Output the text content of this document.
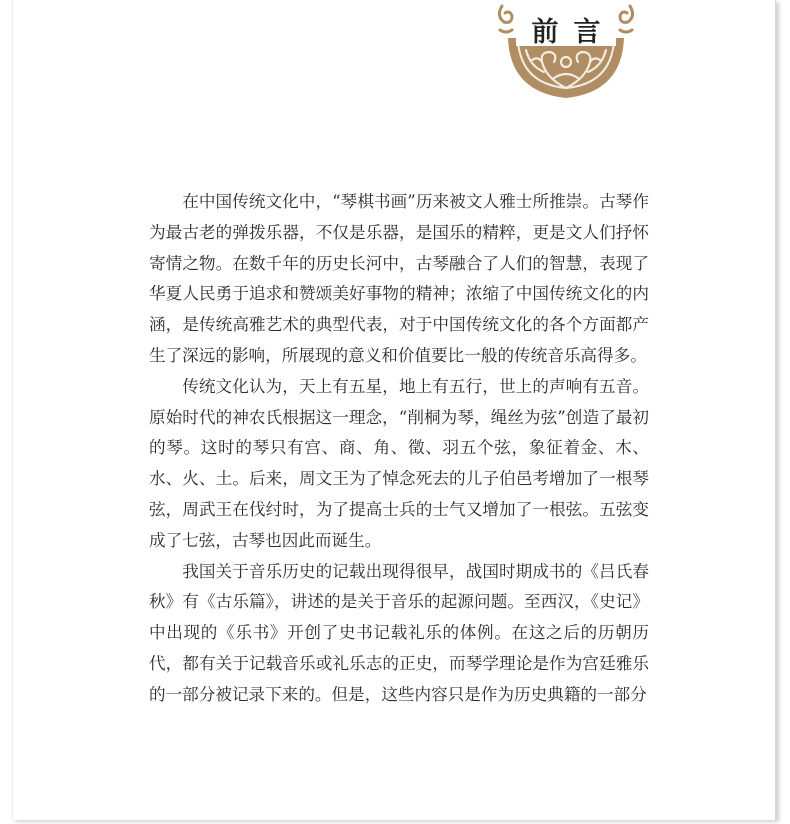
前言

在中国传统文化中，“琴棋书画”历来被文人雅士所推崇。古琴作为最古老的弹拨乐器，不仅是乐器，是国乐的精粹，更是文人们抒怀寄情之物。在数千年的历史长河中，古琴融合了人们的智慧，表现了华夏人民勇于追求和赞颂美好事物的精神；浓缩了中国传统文化的内涵，是传统高雅艺术的典型代表，对于中国传统文化的各个方面都产生了深远的影响，所展现的意义和价值要比一般的传统音乐高得多。

传统文化认为，天上有五星，地上有五行，世上的声响有五音。原始时代的神农氏根据这一理念，“削桐为琴，绳丝为弦”创造了最初的琴。这时的琴只有宫、商、角、徵、羽五个弦，象征着金、木、水、火、土。后来，周文王为了悼念死去的儿子伯邑考增加了一根琴弦，周武王在伐纣时，为了提高士兵的士气又增加了一根弦。五弦变成了七弦，古琴也因此而诞生。

我国关于音乐历史的记载出现得很早，战国时期成书的《吕氏春秋》有《古乐篇》，讲述的是关于音乐的起源问题。至西汉，《史记》中出现的《乐书》开创了史书记载礼乐的体例。在这之后的历朝历代，都有关于记载音乐或礼乐志的正史，而琴学理论是作为宫廷雅乐的一部分被记录下来的。但是，这些内容只是作为历史典籍的一部分
